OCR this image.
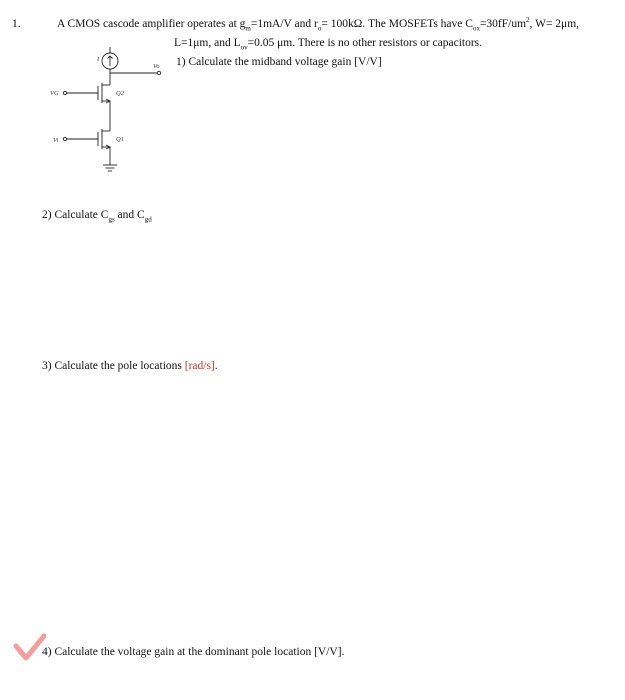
1.	A CMOS cascode amplifier operates at $g_m=1mA/V$ and $r_o= 100k\Omega$. The MOSFETs have $C_{ox}=30fF/um^2$, W= 2μm,
L=1μm, and $L_{ov}=0.05$ μm. There is no other resistors or capacitors.
1) Calculate the midband voltage gain [V/V]
I
Vo
VG
Vi
Q2
Q1
2) Calculate $C_{gs}$ and $C_{gd}$
3) Calculate the pole locations [rad/s].
4) Calculate the voltage gain at the dominant pole location [V/V].
